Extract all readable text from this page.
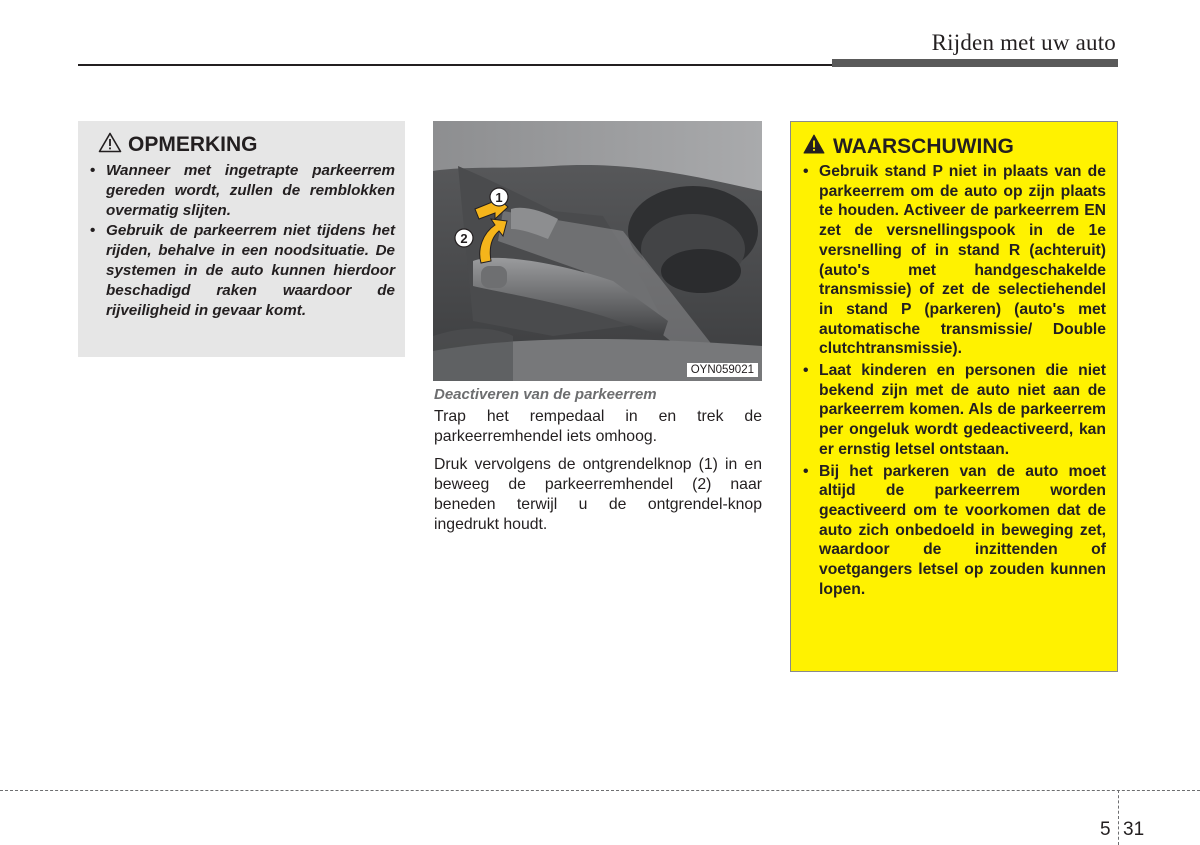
Rijden met uw auto
OPMERKING
• Wanneer met ingetrapte parkeerrem gereden wordt, zullen de remblokken overmatig slijten.
• Gebruik de parkeerrem niet tijdens het rijden, behalve in een noodsituatie. De systemen in de auto kunnen hierdoor beschadigd raken waardoor de rijveiligheid in gevaar komt.
1
2
OYN059021

Deactiveren van de parkeerrem

Trap het rempedaal in en trek de parkeerremhendel iets omhoog.

Druk vervolgens de ontgrendelknop (1) in en beweeg de parkeerremhendel (2) naar beneden terwijl u de ontgrendel-knop ingedrukt houdt.

WAARSCHUWING
• Gebruik stand P niet in plaats van de parkeerrem om de auto op zijn plaats te houden. Activeer de parkeerrem EN zet de versnellingspook in de 1e versnelling of in stand R (achteruit) (auto's met handgeschakelde transmissie) of zet de selectiehendel in stand P (parkeren) (auto's met automatische transmissie/ Double clutchtransmissie).
• Laat kinderen en personen die niet bekend zijn met de auto niet aan de parkeerrem komen. Als de parkeerrem per ongeluk wordt gedeactiveerd, kan er ernstig letsel ontstaan.
• Bij het parkeren van de auto moet altijd de parkeerrem worden geactiveerd om te voorkomen dat de auto zich onbedoeld in beweging zet, waardoor de inzittenden of voetgangers letsel op zouden kunnen lopen.
5 31
